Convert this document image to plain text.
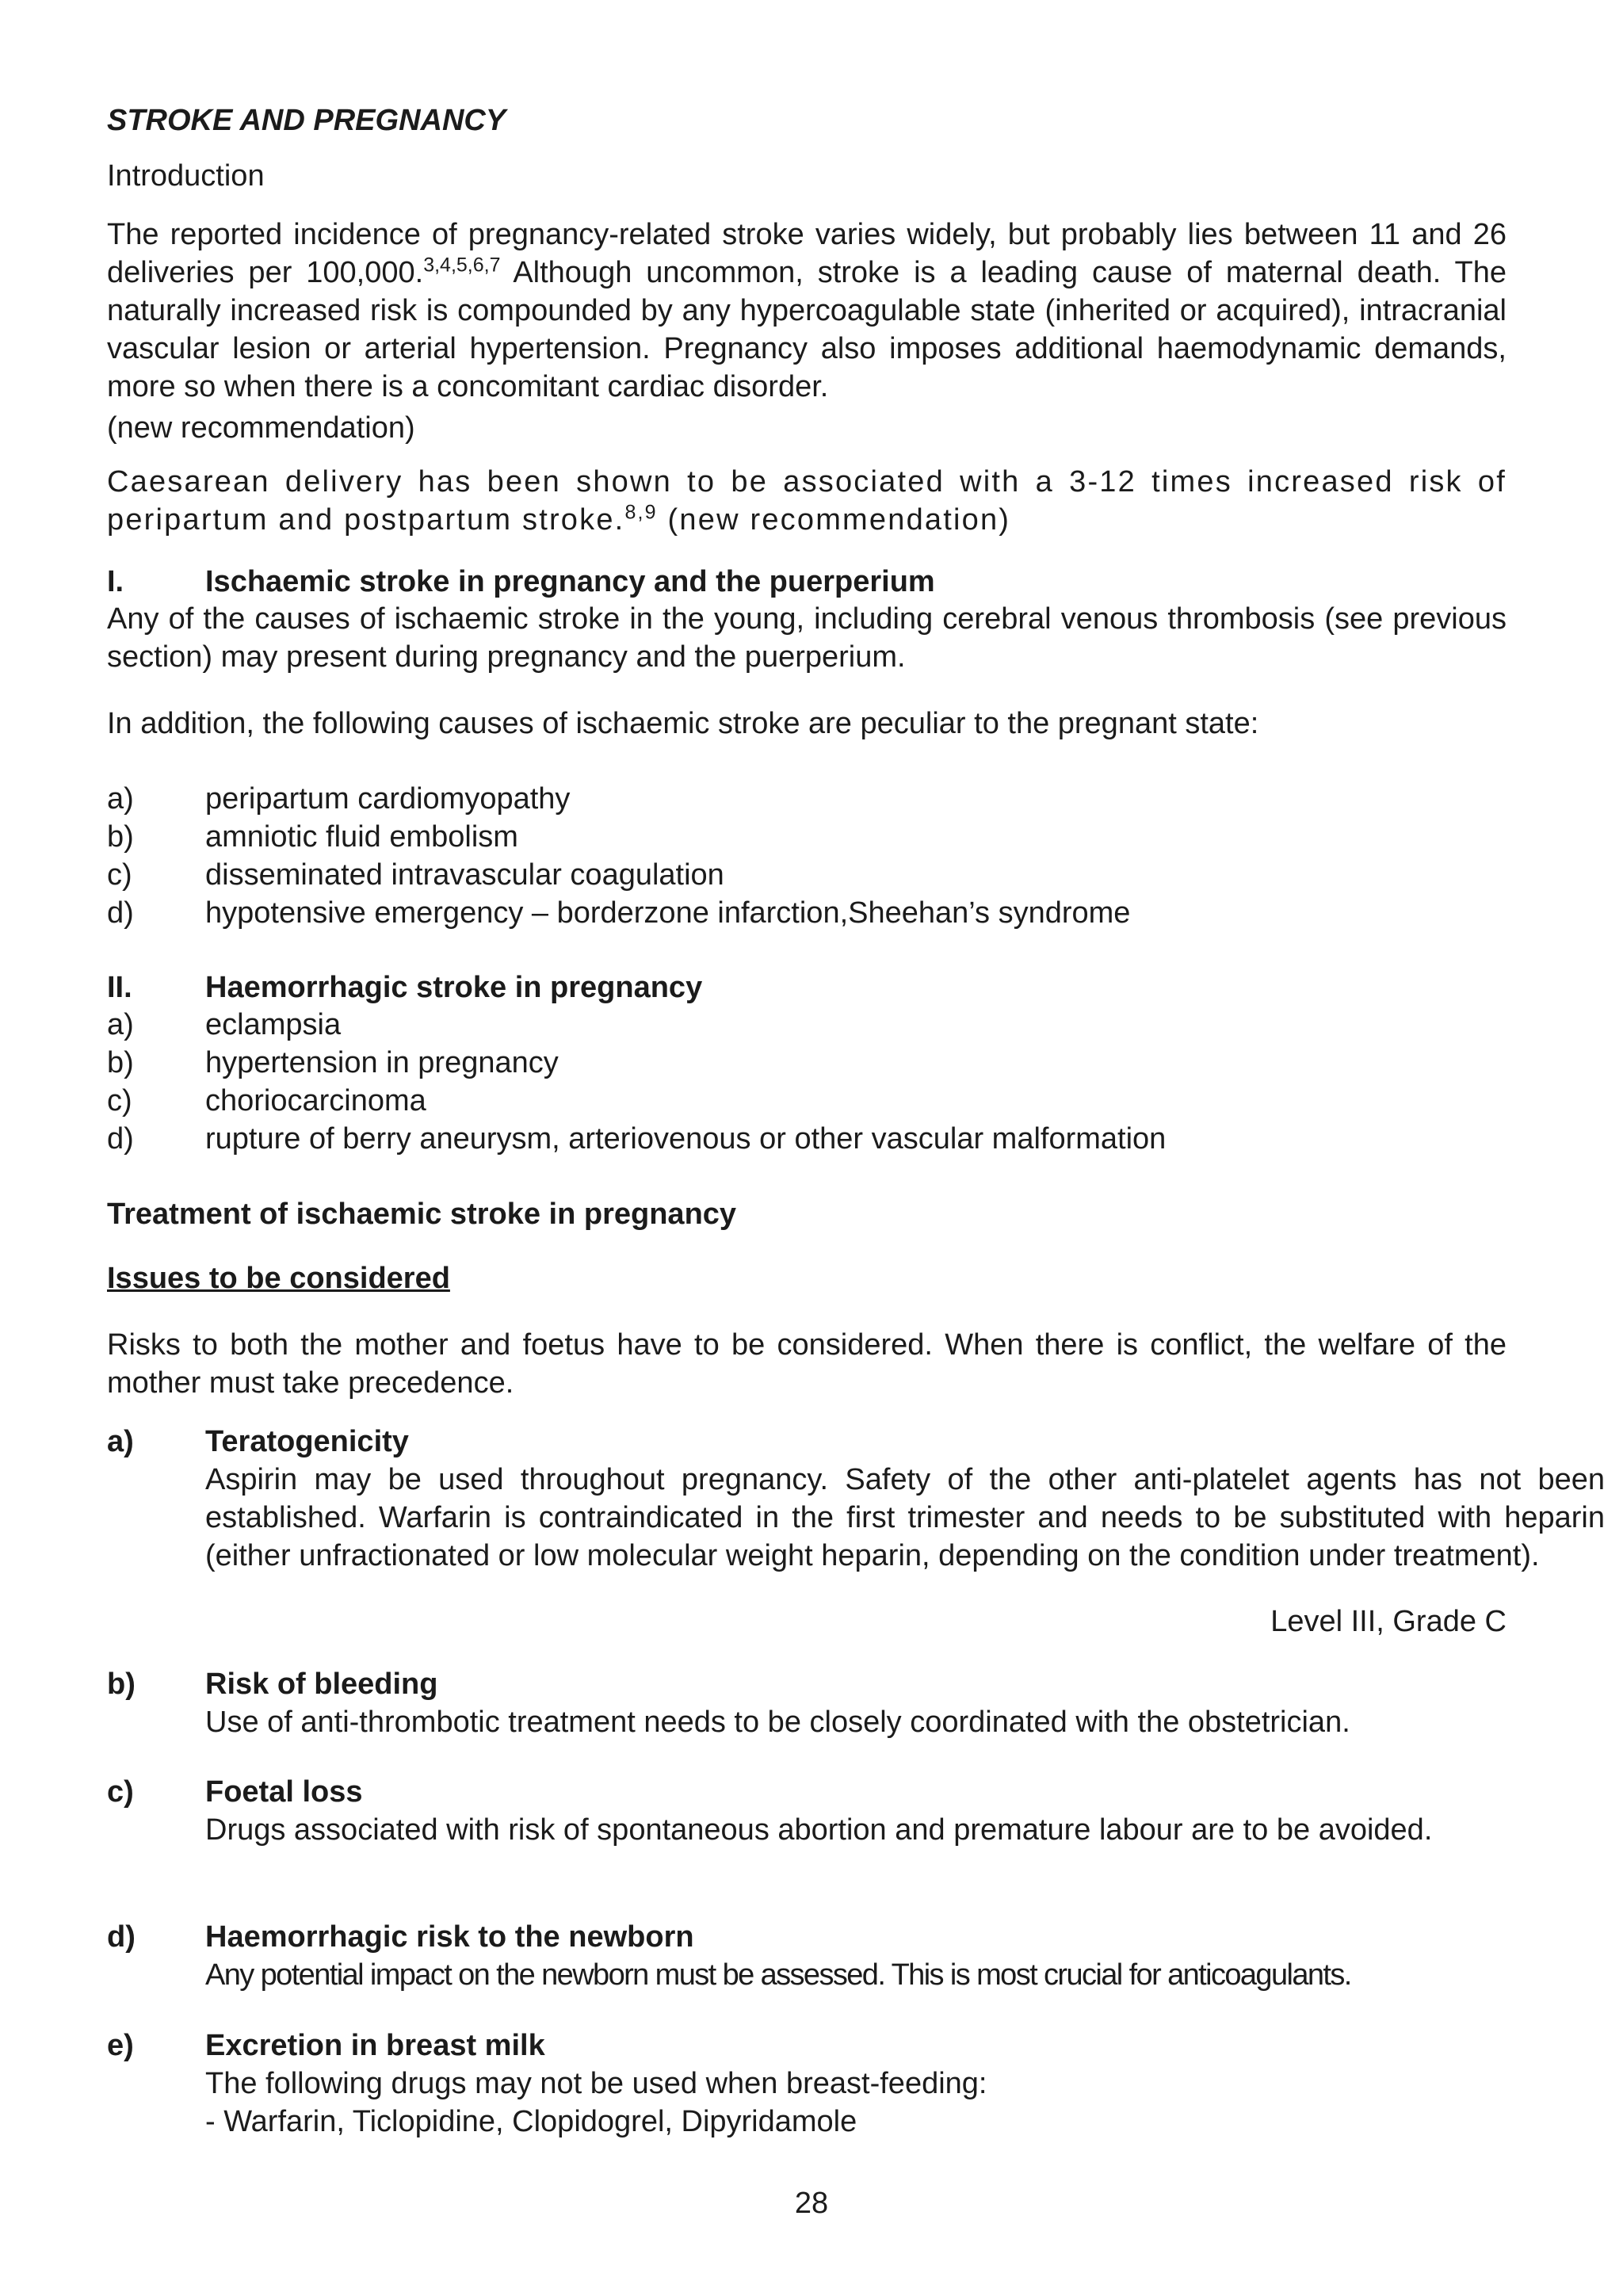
STROKE AND PREGNANCY
Introduction
The reported incidence of pregnancy-related stroke varies widely, but probably lies between 11 and 26 deliveries per 100,000.$^{3,4,5,6,7}$ Although uncommon, stroke is a leading cause of maternal death. The naturally increased risk is compounded by any hypercoagulable state (inherited or acquired), intracranial vascular lesion or arterial hypertension. Pregnancy also imposes additional haemodynamic demands, more so when there is a concomitant cardiac disorder.
(new recommendation)
Caesarean delivery has been shown to be associated with a 3-12 times increased risk of peripartum and postpartum stroke.$^{8,9}$ (new recommendation)
I.	Ischaemic stroke in pregnancy and the puerperium
Any of the causes of ischaemic stroke in the young, including cerebral venous thrombosis (see previous section) may present during pregnancy and the puerperium.
In addition, the following causes of ischaemic stroke are peculiar to the pregnant state:
a) peripartum cardiomyopathy
b) amniotic fluid embolism
c) disseminated intravascular coagulation
d) hypotensive emergency – borderzone infarction,Sheehan’s syndrome
II. Haemorrhagic stroke in pregnancy
a) eclampsia
b) hypertension in pregnancy
c) choriocarcinoma
d) rupture of berry aneurysm, arteriovenous or other vascular malformation
Treatment of ischaemic stroke in pregnancy
Issues to be considered
Risks to both the mother and foetus have to be considered. When there is conflict, the welfare of the mother must take precedence.
a) Teratogenicity
Aspirin may be used throughout pregnancy. Safety of the other anti-platelet agents has not been established. Warfarin is contraindicated in the first trimester and needs to be substituted with heparin (either unfractionated or low molecular weight heparin, depending on the condition under treatment).
Level III, Grade C
b) Risk of bleeding
Use of anti-thrombotic treatment needs to be closely coordinated with the obstetrician.
c) Foetal loss
Drugs associated with risk of spontaneous abortion and premature labour are to be avoided.
d) Haemorrhagic risk to the newborn
Any potential impact on the newborn must be assessed. This is most crucial for anticoagulants.
e) Excretion in breast milk
The following drugs may not be used when breast-feeding:
- Warfarin, Ticlopidine, Clopidogrel, Dipyridamole
28
